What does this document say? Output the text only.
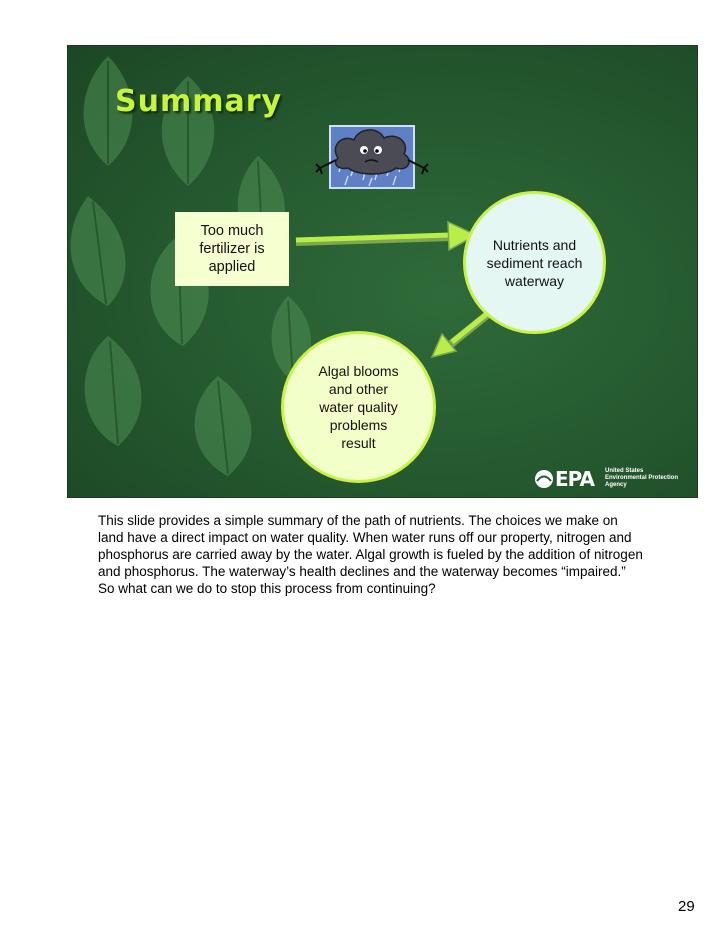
Summary
Too much fertilizer is applied
Nutrients and sediment reach waterway
Algal blooms and other water quality problems result
EPA United States
Environmental Protection
Agency

This slide provides a simple summary of the path of nutrients. The choices we make on land have a direct impact on water quality. When water runs off our property, nitrogen and phosphorus are carried away by the water. Algal growth is fueled by the addition of nitrogen and phosphorus. The waterway’s health declines and the waterway becomes “impaired.” So what can we do to stop this process from continuing?

29
